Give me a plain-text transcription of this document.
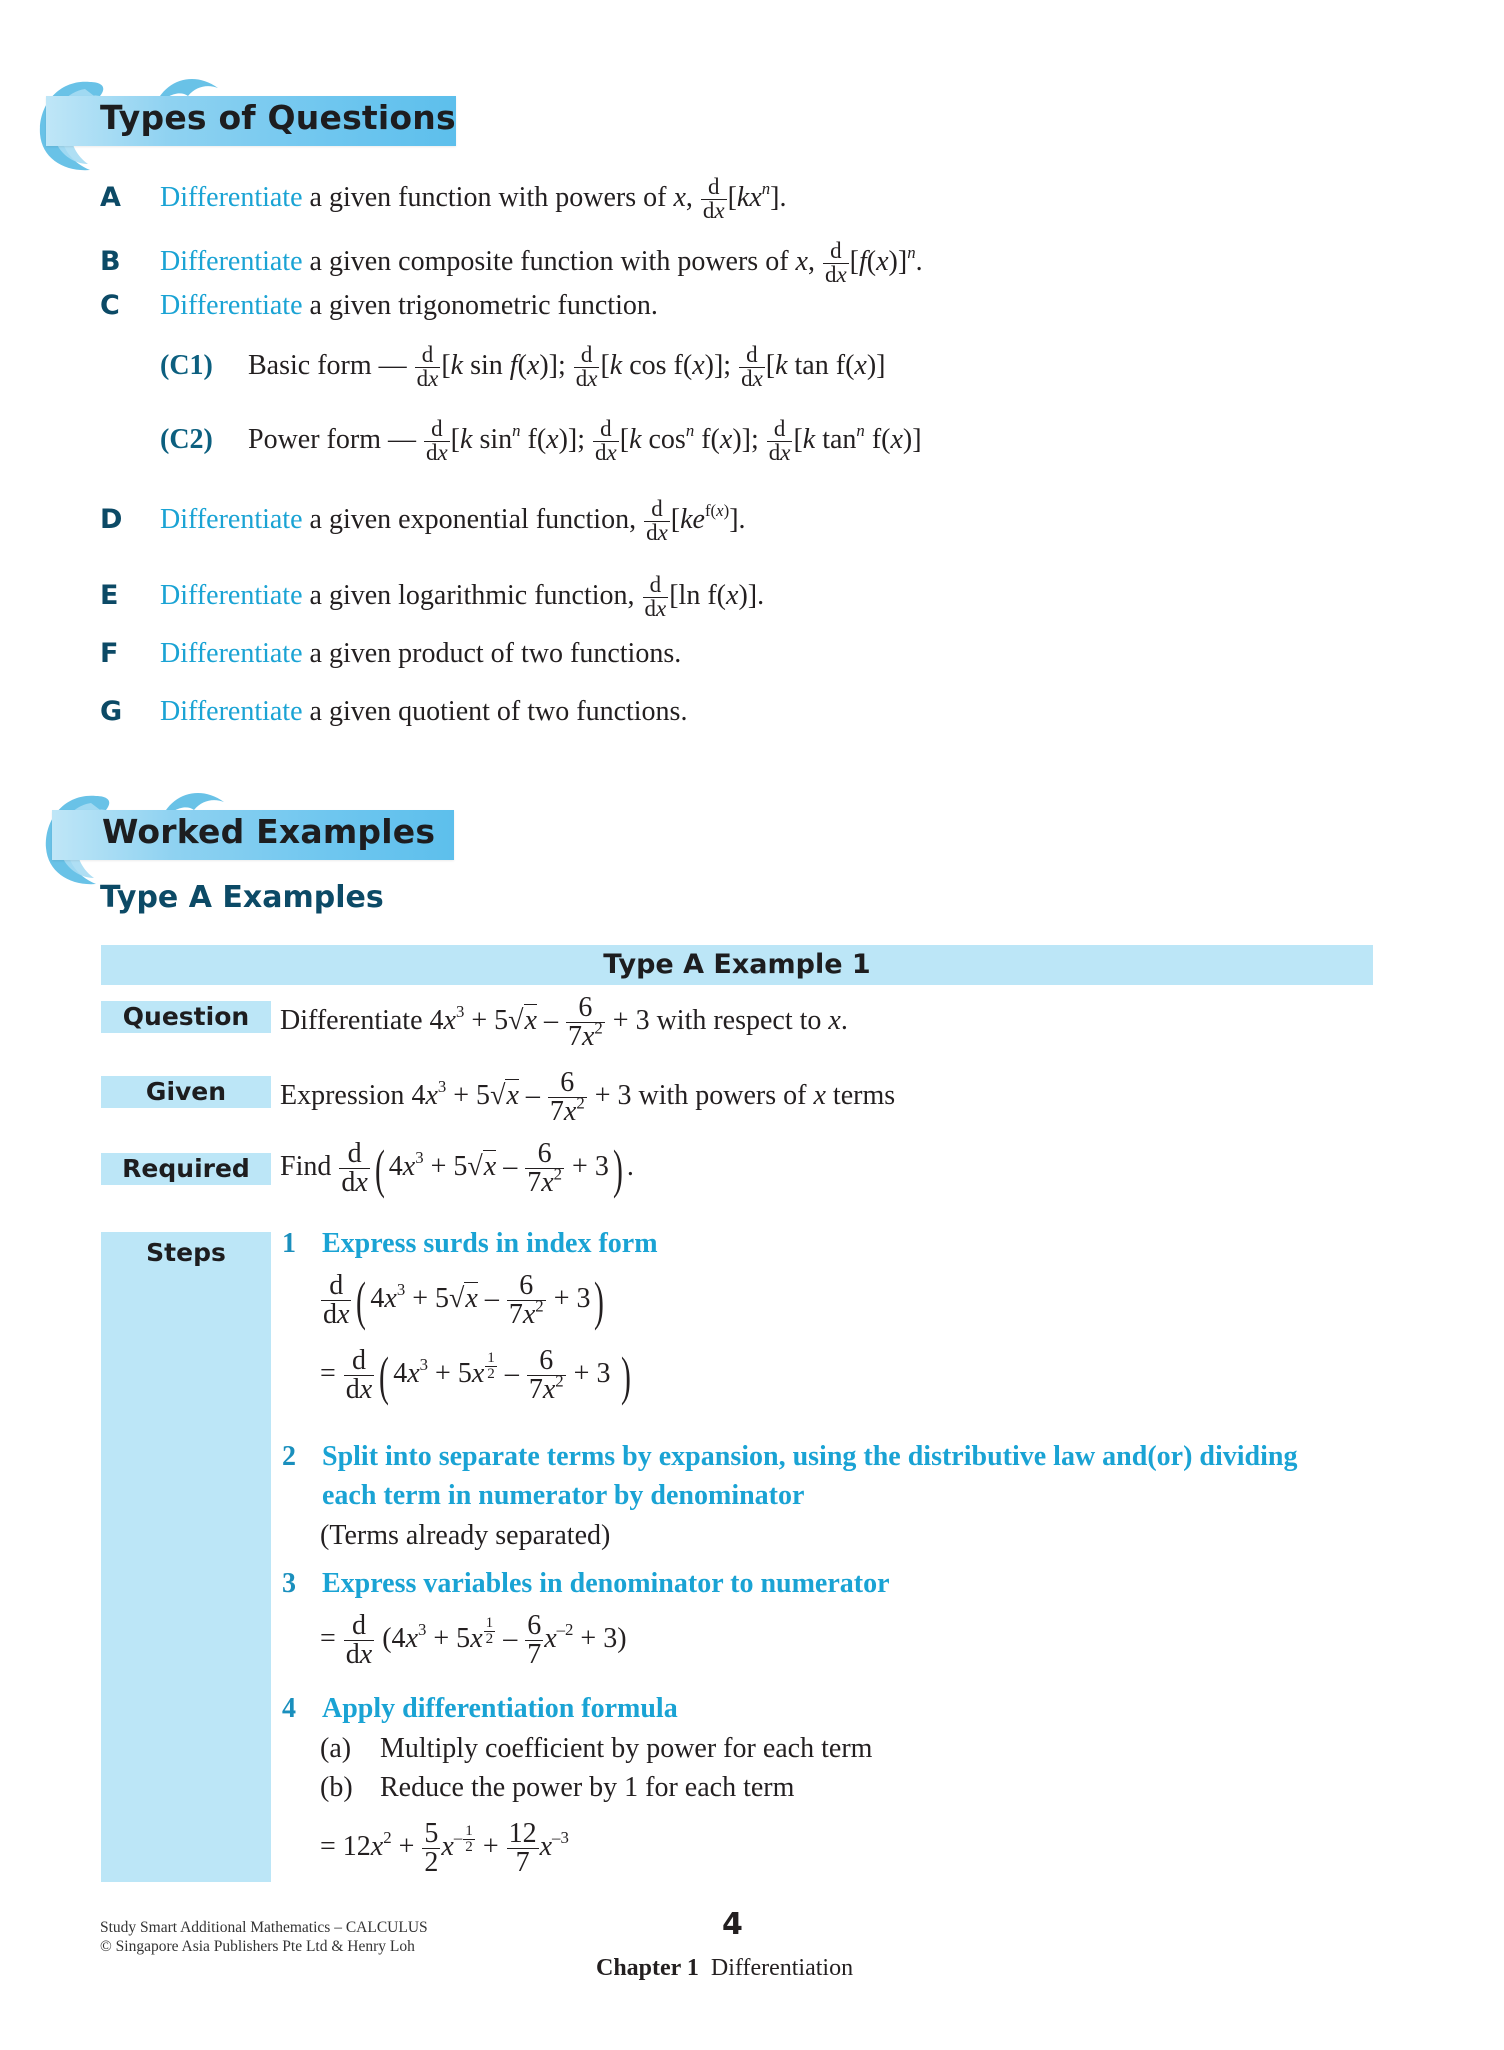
Types of Questions
A Differentiate a given function with powers of x, $\frac{d}{dx} [kx^n]$.
B Differentiate a given composite function with powers of x, $\frac{d}{dx} [f(x)]^n$.
C Differentiate a given trigonometric function.
(C1) Basic form — $\frac{d}{dx} [k$ sin f(x)]; $\frac{d}{dx} [k$ cos f(x)]; $\frac{d}{dx} [k$ tan f(x)]
(C2) Power form — $\frac{d}{dx} [k$ $\sin^n f(x)$]; $\frac{d}{dx} [k$ $\cos^n f(x)$]; $\frac{d}{dx} [k$ $\tan^n f(x)$]
D Differentiate a given exponential function, $\frac{d}{dx} [ke^{f(x)}]$.
E Differentiate a given logarithmic function, $\frac{d}{dx} [\ln$ f(x)].
F Differentiate a given product of two functions.
G Differentiate a given quotient of two functions.
Worked Examples
Type A Examples
Type A Example 1
Question	Differentiate $4x^3 + 5√x - \frac{6}{7x^2} + 3$ with respect to x.
Given	Expression $4x^3 + 5√x - \frac{6}{7x^2} + 3$ with powers of x terms
Required	Find $\frac{d}{dx}$ ( $4x^3 + 5√x - \frac{6}{7x^2} + 3$) .
Steps	1 Express surds in index form
$\frac{d}{dx}$ ( $4x^3 + 5√x - \frac{6}{7x^2} + 3$)
= $\frac{d}{dx}$ ( $4x^3 + 5x$ $^{\frac{1}{2}} - \frac{6}{7x^2} + 3$ )
2 Split into separate terms by expansion, using the distributive law and(or) dividing
each term in numerator by denominator
(Terms already separated)
3 Express variables in denominator to numerator
= $\frac{d}{dx} (4x^3 + 5x$ $^{\frac{1}{2}} - \frac{6}{7} x^{-2} + 3$)
4 Apply differentiation formula
(a) Multiply coefficient by power for each term
(b) Reduce the power by 1 for each term
= $12x^2 + \frac{5}{2} x^{- \frac{1}{2}} + \frac{12}{7} x^{-3}$
Study Smart Additional Mathematics – CALCULUS
© Singapore Asia Publishers Pte Ltd & Henry Loh
4
Chapter 1 Differentiation
